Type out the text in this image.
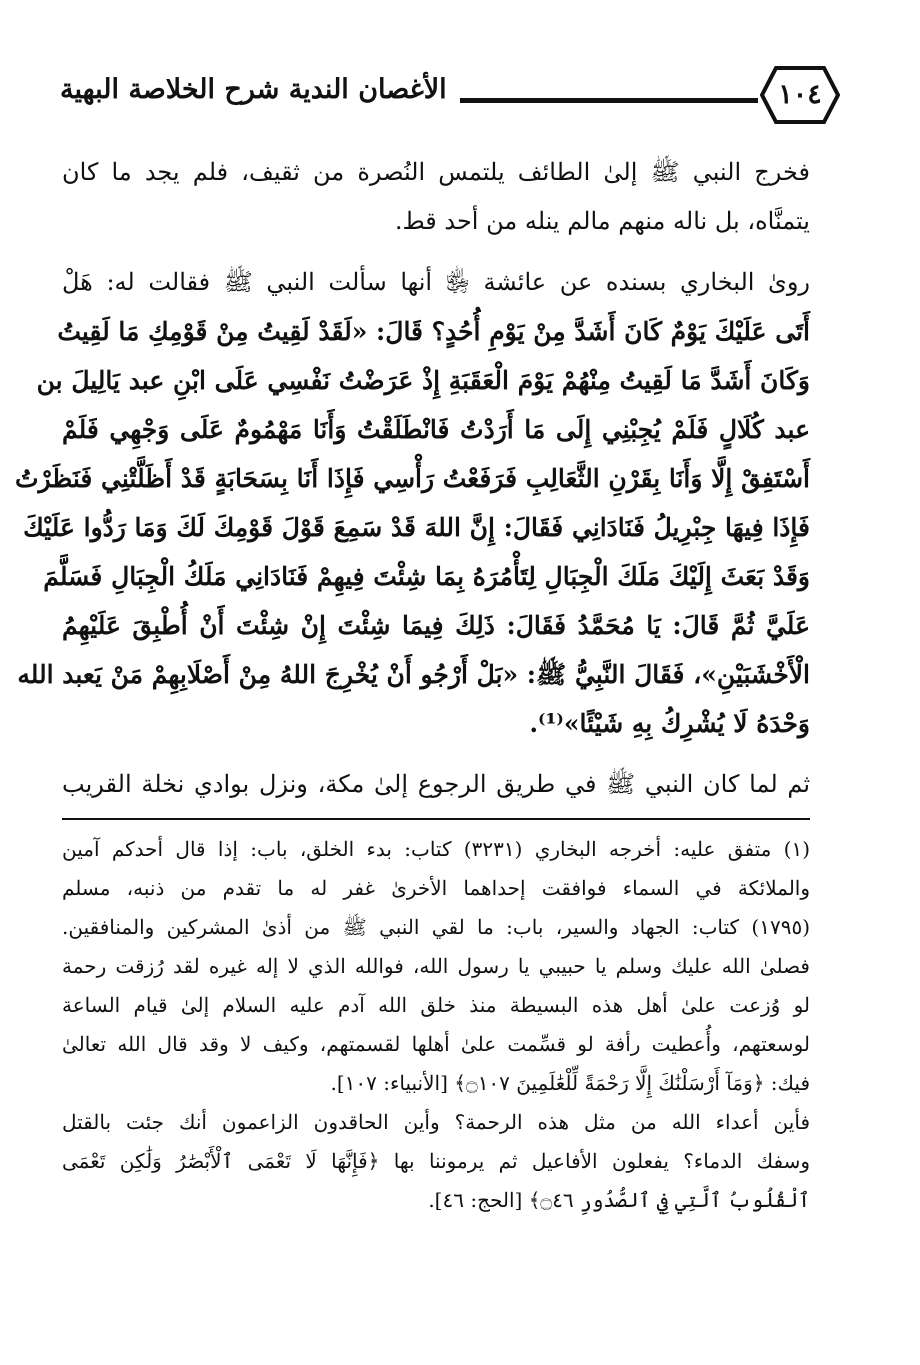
الأغصان الندية شرح الخلاصة البهية	١٠٤
فخرج النبي ﷺ إلىٰ الطائف يلتمس النُصرة من ثقيف، فلم يجد ما كان
يتمنَّاه، بل ناله منهم مالم ينله من أحد قط.
روىٰ البخاري بسنده عن عائشة ﵂ أنها سألت النبي ﷺ فقالت له: هَلْ
أَتَى عَلَيْكَ يَوْمٌ كَانَ أَشَدَّ مِنْ يَوْمِ أُحُدٍ؟ قَالَ: «لَقَدْ لَقِيتُ مِنْ قَوْمِكِ مَا لَقِيتُ
وَكَانَ أَشَدَّ مَا لَقِيتُ مِنْهُمْ يَوْمَ الْعَقَبَةِ إِذْ عَرَضْتُ نَفْسِي عَلَى ابْنِ عبد يَالِيلَ بن
عبد كُلَالٍ فَلَمْ يُجِبْنِي إِلَى مَا أَرَدْتُ فَانْطَلَقْتُ وَأَنَا مَهْمُومٌ عَلَى وَجْهِي فَلَمْ
أَسْتَفِقْ إِلَّا وَأَنَا بِقَرْنِ الثَّعَالِبِ فَرَفَعْتُ رَأْسِي فَإِذَا أَنَا بِسَحَابَةٍ قَدْ أَظَلَّتْنِي فَنَظَرْتُ
فَإِذَا فِيهَا جِبْرِيلُ فَنَادَانِي فَقَالَ: إِنَّ اللهَ قَدْ سَمِعَ قَوْلَ قَوْمِكَ لَكَ وَمَا رَدُّوا عَلَيْكَ
وَقَدْ بَعَثَ إِلَيْكَ مَلَكَ الْجِبَالِ لِتَأْمُرَهُ بِمَا شِئْتَ فِيهِمْ فَنَادَانِي مَلَكُ الْجِبَالِ فَسَلَّمَ
عَلَيَّ ثُمَّ قَالَ: يَا مُحَمَّدُ فَقَالَ: ذَلِكَ فِيمَا شِئْتَ إِنْ شِئْتَ أَنْ أُطْبِقَ عَلَيْهِمُ
الْأَخْشَبَيْنِ»، فَقَالَ النَّبِيُّ ﷺ: «بَلْ أَرْجُو أَنْ يُخْرِجَ اللهُ مِنْ أَصْلَابِهِمْ مَنْ يَعبد الله
وَحْدَهُ لَا يُشْرِكُ بِهِ شَيْئًا»⁽¹⁾.
ثم لما كان النبي ﷺ في طريق الرجوع إلىٰ مكة، ونزل بوادي نخلة القريب
(١) متفق عليه: أخرجه البخاري (٣٢٣١) كتاب: بدء الخلق، باب: إذا قال أحدكم آمين
والملائكة في السماء فوافقت إحداهما الأخرىٰ غفر له ما تقدم من ذنبه، مسلم
(١٧٩٥) كتاب: الجهاد والسير، باب: ما لقي النبي ﷺ من أذىٰ المشركين والمنافقين.
فصلىٰ الله عليك وسلم يا حبيبي يا رسول الله، فوالله الذي لا إله غيره لقد رُزقت رحمة
لو وُزعت علىٰ أهل هذه البسيطة منذ خلق الله آدم عليه السلام إلىٰ قيام الساعة
لوسعتهم، وأُعطيت رأفة لو قسِّمت علىٰ أهلها لقسمتهم، وكيف لا وقد قال الله تعالىٰ
فيك: ﴿وَمَآ أَرْسَلْنَٰكَ إِلَّا رَحْمَةً لِّلْعَٰلَمِينَ ۝١٠٧﴾ [الأنبياء: ١٠٧].
فأين أعداء الله من مثل هذه الرحمة؟ وأين الحاقدون الزاعمون أنك جئت بالقتل
وسفك الدماء؟ يفعلون الأفاعيل ثم يرموننا بها ﴿فَإِنَّهَا لَا تَعْمَى ٱلْأَبْصَٰرُ وَلَٰكِن تَعْمَى
ٱلْقُلُوبُ ٱلَّتِي فِي ٱلصُّدُورِ ۝٤٦﴾ [الحج: ٤٦].
